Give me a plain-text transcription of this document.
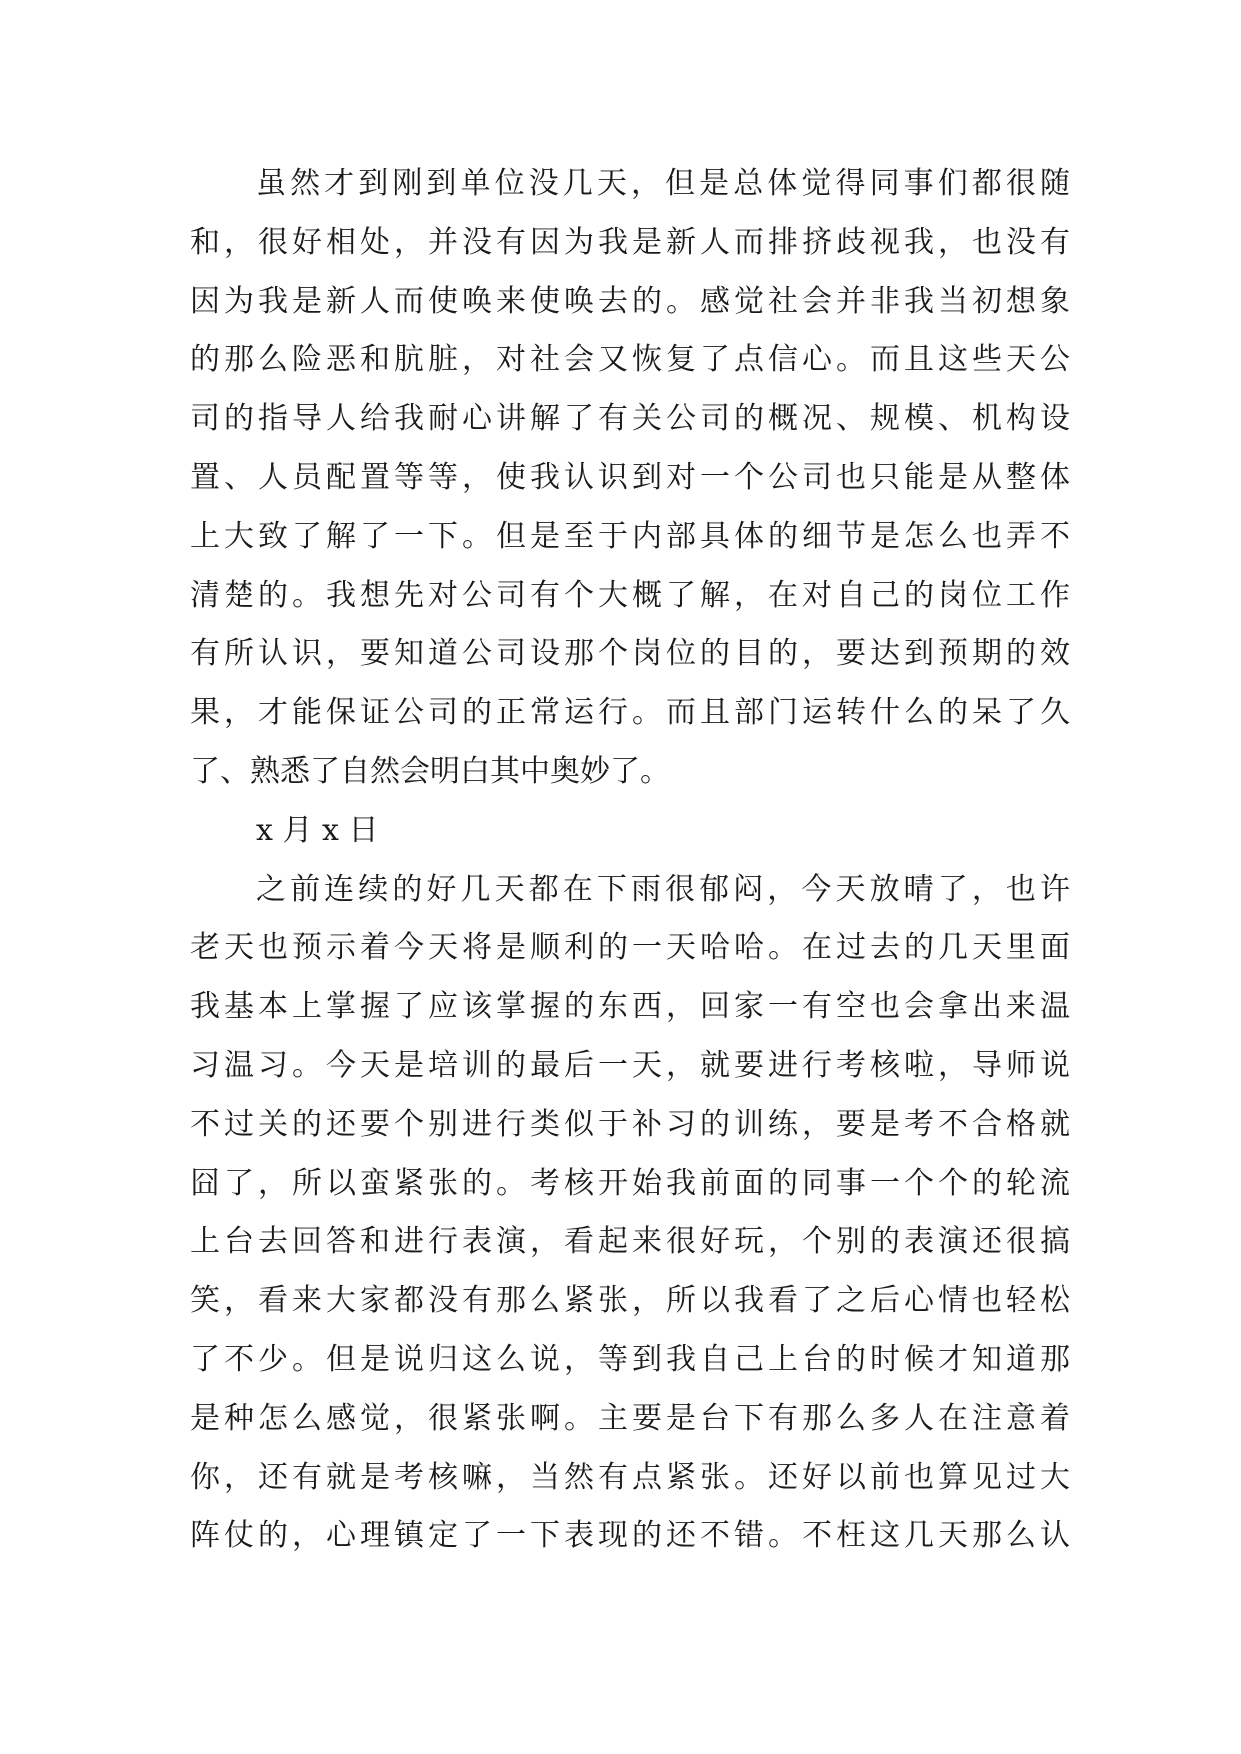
虽然才到刚到单位没几天，但是总体觉得同事们都很随
和，很好相处，并没有因为我是新人而排挤歧视我，也没有
因为我是新人而使唤来使唤去的。感觉社会并非我当初想象
的那么险恶和肮脏，对社会又恢复了点信心。而且这些天公
司的指导人给我耐心讲解了有关公司的概况、规模、机构设
置、人员配置等等，使我认识到对一个公司也只能是从整体
上大致了解了一下。但是至于内部具体的细节是怎么也弄不
清楚的。我想先对公司有个大概了解，在对自己的岗位工作
有所认识，要知道公司设那个岗位的目的，要达到预期的效
果，才能保证公司的正常运行。而且部门运转什么的呆了久
了、熟悉了自然会明白其中奥妙了。
x 月 x 日
之前连续的好几天都在下雨很郁闷，今天放晴了，也许
老天也预示着今天将是顺利的一天哈哈。在过去的几天里面
我基本上掌握了应该掌握的东西，回家一有空也会拿出来温
习温习。今天是培训的最后一天，就要进行考核啦，导师说
不过关的还要个别进行类似于补习的训练，要是考不合格就
囧了，所以蛮紧张的。考核开始我前面的同事一个个的轮流
上台去回答和进行表演，看起来很好玩，个别的表演还很搞
笑，看来大家都没有那么紧张，所以我看了之后心情也轻松
了不少。但是说归这么说，等到我自己上台的时候才知道那
是种怎么感觉，很紧张啊。主要是台下有那么多人在注意着
你，还有就是考核嘛，当然有点紧张。还好以前也算见过大
阵仗的，心理镇定了一下表现的还不错。不枉这几天那么认
